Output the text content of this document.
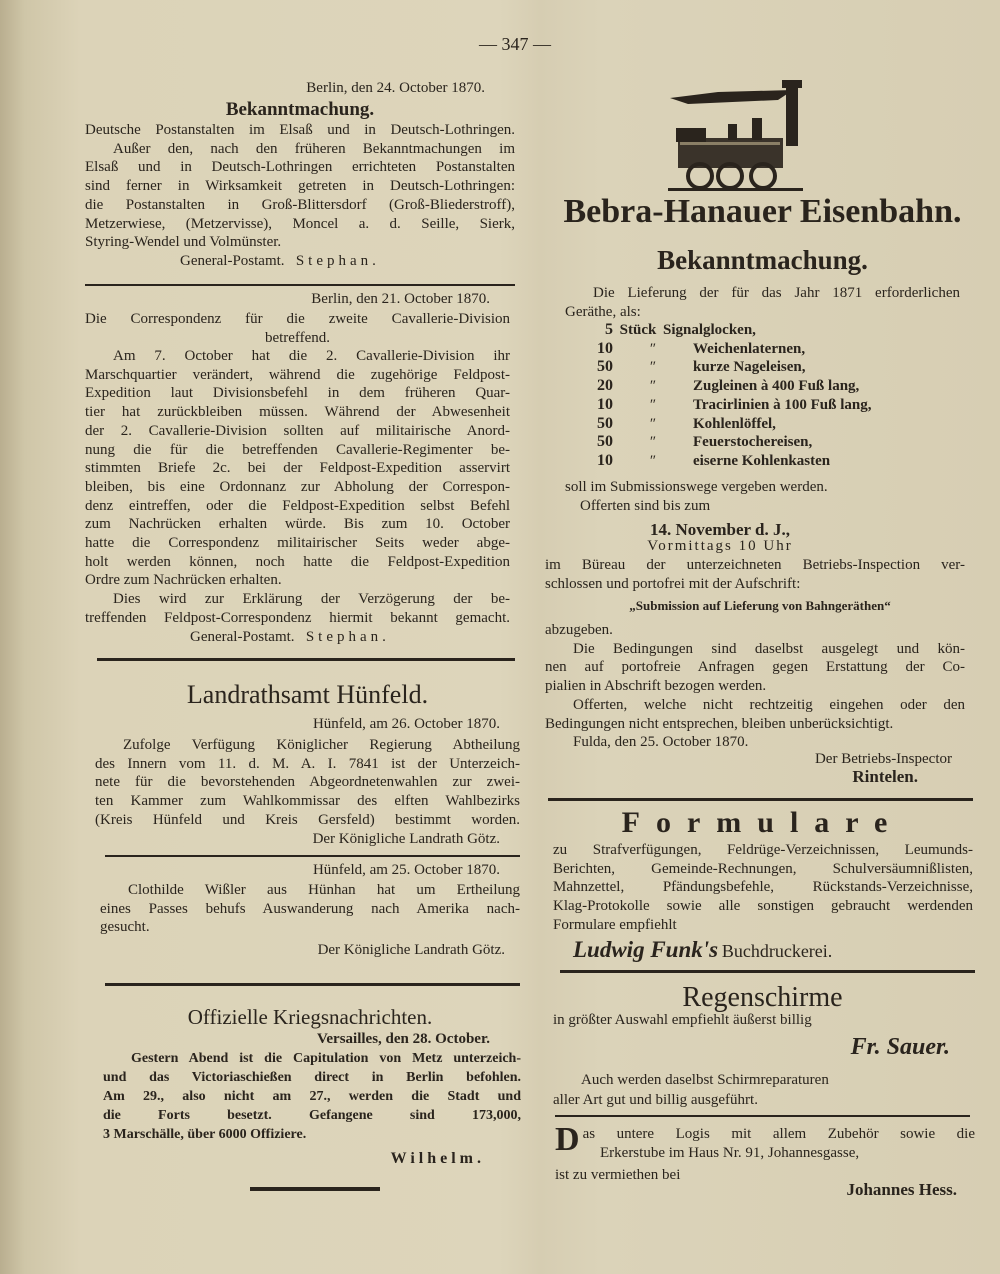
— 347 —
Berlin, den 24. October 1870.
Bekanntmachung.
Deutsche Postanstalten im Elsaß und in Deutsch-Lothringen.
Außer den, nach den früheren Bekanntmachungen im
Elsaß und in Deutsch-Lothringen errichteten Postanstalten
sind ferner in Wirksamkeit getreten in Deutsch-Lothringen:
die Postanstalten in Groß-Blittersdorf (Groß-Bliederstroff),
Metzerwiese, (Metzervisse), Moncel a. d. Seille, Sierk,
Styring-Wendel und Volmünster.
General-Postamt. Stephan.
Berlin, den 21. October 1870.
Die Correspondenz für die zweite Cavallerie-Division
betreffend.
Am 7. October hat die 2. Cavallerie-Division ihr
Marschquartier verändert, während die zugehörige Feldpost-
Expedition laut Divisionsbefehl in dem früheren Quar-
tier hat zurückbleiben müssen. Während der Abwesenheit
der 2. Cavallerie-Division sollten auf militairische Anord-
nung die für die betreffenden Cavallerie-Regimenter be-
stimmten Briefe 2c. bei der Feldpost-Expedition asservirt
bleiben, bis eine Ordonnanz zur Abholung der Correspon-
denz eintreffen, oder die Feldpost-Expedition selbst Befehl
zum Nachrücken erhalten würde. Bis zum 10. October
hatte die Correspondenz militairischer Seits weder abge-
holt werden können, noch hatte die Feldpost-Expedition
Ordre zum Nachrücken erhalten.
Dies wird zur Erklärung der Verzögerung der be-
treffenden Feldpost-Correspondenz hiermit bekannt gemacht.
General-Postamt. Stephan.
Landrathsamt Hünfeld.
Hünfeld, am 26. October 1870.
Zufolge Verfügung Königlicher Regierung Abtheilung
des Innern vom 11. d. M. A. I. 7841 ist der Unterzeich-
nete für die bevorstehenden Abgeordnetenwahlen zur zwei-
ten Kammer zum Wahlkommissar des elften Wahlbezirks
(Kreis Hünfeld und Kreis Gersfeld) bestimmt worden.
Der Königliche Landrath Götz.
Hünfeld, am 25. October 1870.
Clothilde Wißler aus Hünhan hat um Ertheilung
eines Passes behufs Auswanderung nach Amerika nach-
gesucht.
Der Königliche Landrath Götz.
Offizielle Kriegsnachrichten.
Versailles, den 28. October.
Gestern Abend ist die Capitulation von Metz unterzeich-
und das Victoriaschießen direct in Berlin befohlen.
Am 29., also nicht am 27., werden die Stadt und
die Forts besetzt. Gefangene sind 173,000,
3 Marschälle, über 6000 Offiziere.
Wilhelm.
Bebra-Hanauer Eisenbahn.
Bekanntmachung.
Die Lieferung der für das Jahr 1871 erforderlichen
Geräthe, als:
5 Stück Signalglocken,
10	″	Weichenlaternen,
50	″	kurze Nageleisen,
20	″	Zugleinen à 400 Fuß lang,
10	″	Tracirlinien à 100 Fuß lang,
50	″	Kohlenlöffel,
50	″	Feuerstochereisen,
10	″	eiserne Kohlenkasten
soll im Submissionswege vergeben werden.
Offerten sind bis zum
14. November d. J.,
Vormittags 10 Uhr
im Büreau der unterzeichneten Betriebs-Inspection ver-
schlossen und portofrei mit der Aufschrift:
„Submission auf Lieferung von Bahngeräthen“
abzugeben.
Die Bedingungen sind daselbst ausgelegt und kön-
nen auf portofreie Anfragen gegen Erstattung der Co-
pialien in Abschrift bezogen werden.
Offerten, welche nicht rechtzeitig eingehen oder den
Bedingungen nicht entsprechen, bleiben unberücksichtigt.
Fulda, den 25. October 1870.
Der Betriebs-Inspector
Rintelen.
Formulare
zu Strafverfügungen, Feldrüge-Verzeichnissen, Leumunds-
Berichten, Gemeinde-Rechnungen, Schulversäumnißlisten,
Mahnzettel, Pfändungsbefehle, Rückstands-Verzeichnisse,
Klag-Protokolle sowie alle sonstigen gebraucht werdenden
Formulare empfiehlt
Ludwig Funk's Buchdruckerei.
Regenschirme
in größter Auswahl empfiehlt äußerst billig
Fr. Sauer.
Auch werden daselbst Schirmreparaturen
aller Art gut und billig ausgeführt.
Das untere Logis mit allem Zubehör sowie die
Erkerstube im Haus Nr. 91, Johannesgasse,
ist zu vermiethen bei
Johannes Hess.
